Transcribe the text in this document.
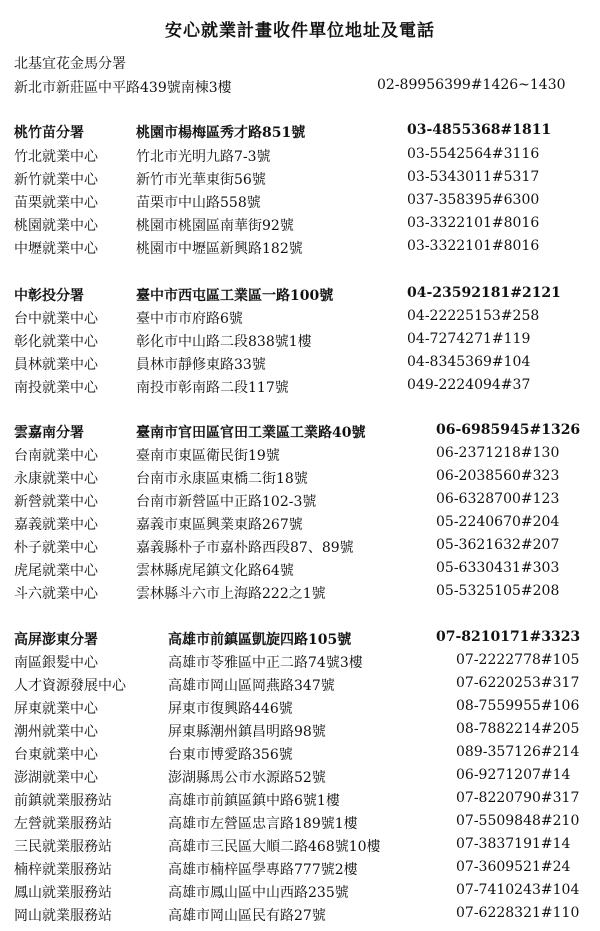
安心就業計畫收件單位地址及電話
北基宜花金馬分署
新北市新莊區中平路439號南棟3樓	02-89956399#1426~1430
桃竹苗分署	桃園市楊梅區秀才路851號	03-4855368#1811
竹北就業中心	竹北市光明九路7-3號	03-5542564#3116
新竹就業中心	新竹市光華東街56號	03-5343011#5317
苗栗就業中心	苗栗市中山路558號	037-358395#6300
桃園就業中心	桃園市桃園區南華街92號	03-3322101#8016
中壢就業中心	桃園市中壢區新興路182號	03-3322101#8016
中彰投分署	臺中市西屯區工業區一路100號	04-23592181#2121
台中就業中心	臺中市市府路6號	04-22225153#258
彰化就業中心	彰化市中山路二段838號1樓	04-7274271#119
員林就業中心	員林市靜修東路33號	04-8345369#104
南投就業中心	南投市彰南路二段117號	049-2224094#37
雲嘉南分署	臺南市官田區官田工業區工業路40號	06-6985945#1326
台南就業中心	臺南市東區衛民街19號	06-2371218#130
永康就業中心	台南市永康區東橋二街18號	06-2038560#323
新營就業中心	台南市新營區中正路102-3號	06-6328700#123
嘉義就業中心	嘉義市東區興業東路267號	05-2240670#204
朴子就業中心	嘉義縣朴子市嘉朴路西段87、89號	05-3621632#207
虎尾就業中心	雲林縣虎尾鎮文化路64號	05-6330431#303
斗六就業中心	雲林縣斗六市上海路222之1號	05-5325105#208
高屏澎東分署	高雄市前鎮區凱旋四路105號	07-8210171#3323
南區銀髮中心	高雄市苓雅區中正二路74號3樓	07-2222778#105
人才資源發展中心	高雄市岡山區岡燕路347號	07-6220253#317
屏東就業中心	屏東市復興路446號	08-7559955#106
潮州就業中心	屏東縣潮州鎮昌明路98號	08-7882214#205
台東就業中心	台東市博愛路356號	089-357126#214
澎湖就業中心	澎湖縣馬公市水源路52號	06-9271207#14
前鎮就業服務站	高雄市前鎮區鎮中路6號1樓	07-8220790#317
左營就業服務站	高雄市左營區忠言路189號1樓	07-5509848#210
三民就業服務站	高雄市三民區大順二路468號10樓	07-3837191#14
楠梓就業服務站	高雄市楠梓區學專路777號2樓	07-3609521#24
鳳山就業服務站	高雄市鳳山區中山西路235號	07-7410243#104
岡山就業服務站	高雄市岡山區民有路27號	07-6228321#110
